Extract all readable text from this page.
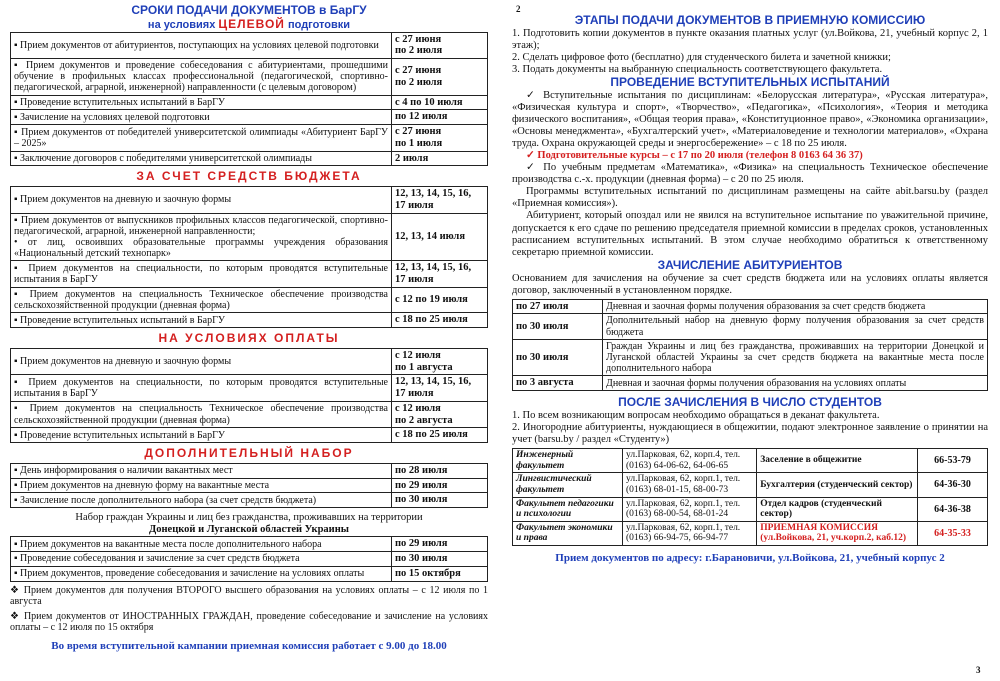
2
3
СРОКИ ПОДАЧИ ДОКУМЕНТОВ в БарГУ
на условиях ЦЕЛЕВОЙ подготовки
▪ Прием документов от абитуриентов, поступающих на условиях целевой подготовки	с 27 июня
по 2 июля
▪ Прием документов и проведение собеседования с абитуриентами, прошедшими обучение в профильных классах профессиональной (педагогической, спортивно-педагогической, аграрной, инженерной) направленности (с целевым договором)	с 27 июня
по 2 июля
▪ Проведение вступительных испытаний в БарГУ	с 4 по 10 июля
▪ Зачисление на условиях целевой подготовки	по 12 июля
▪ Прием документов от победителей университетской олимпиады «Абитуриент БарГУ – 2025»	с 27 июня
по 1 июля
▪ Заключение договоров с победителями университетской олимпиады	2 июля
ЗА СЧЕТ СРЕДСТВ БЮДЖЕТА
▪ Прием документов на дневную и заочную формы	12, 13, 14, 15, 16, 17 июля
▪ Прием документов от выпускников профильных классов педагогической, спортивно-педагогической, аграрной, инженерной направленности;
• от лиц, освоивших образовательные программы учреждения образования «Национальный детский технопарк»	12, 13, 14 июля
▪ Прием документов на специальности, по которым проводятся вступительные испытания в БарГУ	12, 13, 14, 15, 16, 17 июля
▪ Прием документов на специальность Техническое обеспечение производства сельскохозяйственной продукции (дневная форма)	с 12 по 19 июля
▪ Проведение вступительных испытаний в БарГУ	с 18 по 25 июля
НА УСЛОВИЯХ ОПЛАТЫ
▪ Прием документов на дневную и заочную формы	с 12 июля
по 1 августа
▪ Прием документов на специальности, по которым проводятся вступительные испытания в БарГУ	12, 13, 14, 15, 16, 17 июля
▪ Прием документов на специальность Техническое обеспечение производства сельскохозяйственной продукции (дневная форма)	с 12 июля
по 2 августа
▪ Проведение вступительных испытаний в БарГУ	с 18 по 25 июля
ДОПОЛНИТЕЛЬНЫЙ НАБОР
▪ День информирования о наличии вакантных мест	по 28 июля
▪ Прием документов на дневную форму на вакантные места	по 29 июля
▪ Зачисление после дополнительного набора (за счет средств бюджета)	по 30 июля
Набор граждан Украины и лиц без гражданства, проживавших на территории
Донецкой и Луганской областей Украины
▪ Прием документов на вакантные места после дополнительного набора	по 29 июля
▪ Проведение собеседования и зачисление за счет средств бюджета	по 30 июля
▪ Прием документов, проведение собеседования и зачисление на условиях оплаты	по 15 октября
❖ Прием документов для получения ВТОРОГО высшего образования на условиях оплаты – с 12 июля по 1 августа
❖ Прием документов от ИНОСТРАННЫХ ГРАЖДАН, проведение собеседование и зачисление на условиях оплаты – с 12 июля по 15 октября
Во время вступительной кампании приемная комиссия работает с 9.00 до 18.00
ЭТАПЫ ПОДАЧИ ДОКУМЕНТОВ В ПРИЕМНУЮ КОМИССИЮ

1. Подготовить копии документов в пункте оказания платных услуг (ул.Войкова, 21, учебный корпус 2, 1 этаж);

2. Сделать цифровое фото (бесплатно) для студенческого билета и зачетной книжки;

3. Подать документы на выбранную специальность соответствующего факультета.

ПРОВЕДЕНИЕ ВСТУПИТЕЛЬНЫХ ИСПЫТАНИЙ

✓ Вступительные испытания по дисциплинам: «Белорусская литература», «Русская литература», «Физическая культура и спорт», «Творчество», «Педагогика», «Психология», «Теория и методика физического воспитания», «Общая теория права», «Конституционное право», «Экономика организации», «Основы менеджмента», «Бухгалтерский учет», «Материаловедение и технологии материалов», «Охрана труда. Охрана окружающей среды и энергосбережение» – с 18 по 25 июля.

✓ Подготовительные курсы – с 17 по 20 июля (телефон 8 0163 64 36 37)

✓ По учебным предметам «Математика», «Физика» на специальность Техническое обеспечение производства с.-х. продукции (дневная форма) – с 20 по 25 июля.

Программы вступительных испытаний по дисциплинам размещены на сайте abit.barsu.by (раздел «Приемная комиссия»).

Абитуриент, который опоздал или не явился на вступительное испытание по уважительной причине, допускается к его сдаче по решению председателя приемной комиссии в пределах сроков, установленных расписанием вступительных испытаний. В этом случае необходимо обратиться к ответственному секретарю приемной комиссии.

ЗАЧИСЛЕНИЕ АБИТУРИЕНТОВ

Основанием для зачисления на обучение за счет средств бюджета или на условиях оплаты является договор, заключенный в установленном порядке.

по 27 июля	Дневная и заочная формы получения образования за счет средств бюджета
по 30 июля	Дополнительный набор на дневную форму получения образования за счет средств бюджета
по 30 июля	Граждан Украины и лиц без гражданства, проживавших на территории Донецкой и Луганской областей Украины за счет средств бюджета на вакантные места после дополнительного набора
по 3 августа	Дневная и заочная формы получения образования на условиях оплаты
ПОСЛЕ ЗАЧИСЛЕНИЯ В ЧИСЛО СТУДЕНТОВ

1. По всем возникающим вопросам необходимо обращаться в деканат факультета.

2. Иногородние абитуриенты, нуждающиеся в общежитии, подают электронное заявление о принятии на учет (barsu.by / раздел «Студенту»)

Инженерный факультет	ул.Парковая, 62, корп.4, тел. (0163) 64-06-62, 64-06-65	Заселение в общежитие	66-53-79
Лингвистический факультет	ул.Парковая, 62, корп.1, тел. (0163) 68-01-15, 68-00-73	Бухгалтерия (студенческий сектор)	64-36-30
Факультет педагогики и психологии	ул.Парковая, 62, корп.1, тел. (0163) 68-00-54, 68-01-24	Отдел кадров (студенческий сектор)	64-36-38
Факультет экономики и права	ул.Парковая, 62, корп.1, тел. (0163) 66-94-75, 66-94-77	ПРИЕМНАЯ КОМИССИЯ (ул.Войкова, 21, уч.корп.2, каб.12)	64-35-33
Прием документов по адресу: г.Барановичи, ул.Войкова, 21, учебный корпус 2
